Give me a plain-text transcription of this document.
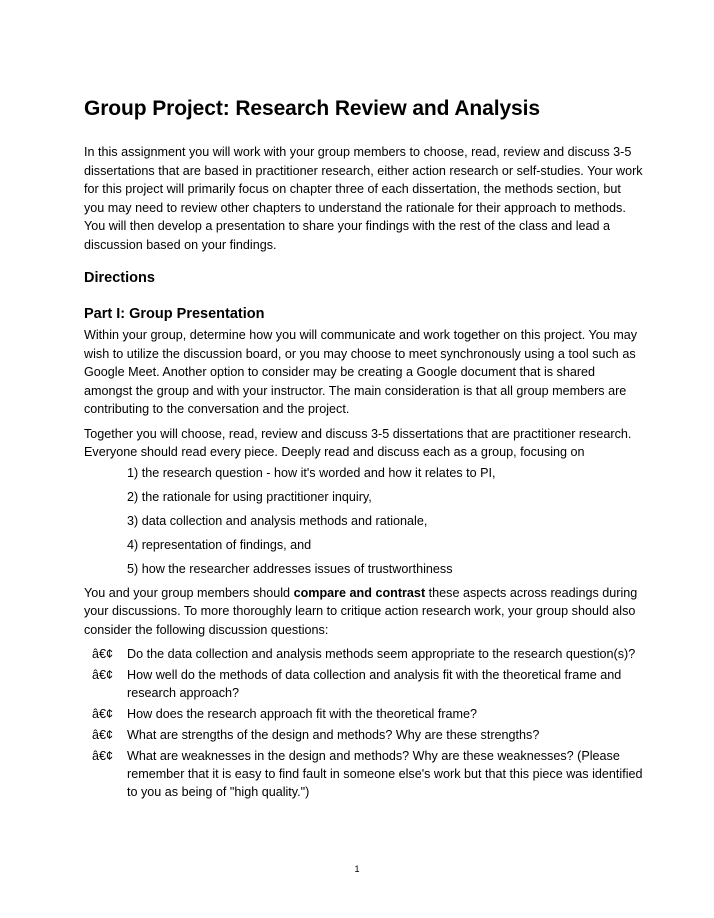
Group Project: Research Review and Analysis

In this assignment you will work with your group members to choose, read, review and discuss 3-5 dissertations that are based in practitioner research, either action research or self-studies. Your work for this project will primarily focus on chapter three of each dissertation, the methods section, but you may need to review other chapters to understand the rationale for their approach to methods. You will then develop a presentation to share your findings with the rest of the class and lead a discussion based on your findings.

Directions
Part I: Group Presentation

Within your group, determine how you will communicate and work together on this project. You may wish to utilize the discussion board, or you may choose to meet synchronously using a tool such as Google Meet. Another option to consider may be creating a Google document that is shared amongst the group and with your instructor. The main consideration is that all group members are contributing to the conversation and the project.

Together you will choose, read, review and discuss 3-5 dissertations that are practitioner research. Everyone should read every piece. Deeply read and discuss each as a group, focusing on

1) the research question - how it's worded and how it relates to PI,
2) the rationale for using practitioner inquiry,
3) data collection and analysis methods and rationale,
4) representation of findings, and
5) how the researcher addresses issues of trustworthiness

You and your group members should compare and contrast these aspects across readings during your discussions. To more thoroughly learn to critique action research work, your group should also consider the following discussion questions:

â€¢ Do the data collection and analysis methods seem appropriate to the research question(s)?
â€¢ How well do the methods of data collection and analysis fit with the theoretical frame and research approach?
â€¢ How does the research approach fit with the theoretical frame?
â€¢ What are strengths of the design and methods? Why are these strengths?
â€¢ What are weaknesses in the design and methods? Why are these weaknesses? (Please remember that it is easy to find fault in someone else's work but that this piece was identified to you as being of "high quality.")
1
